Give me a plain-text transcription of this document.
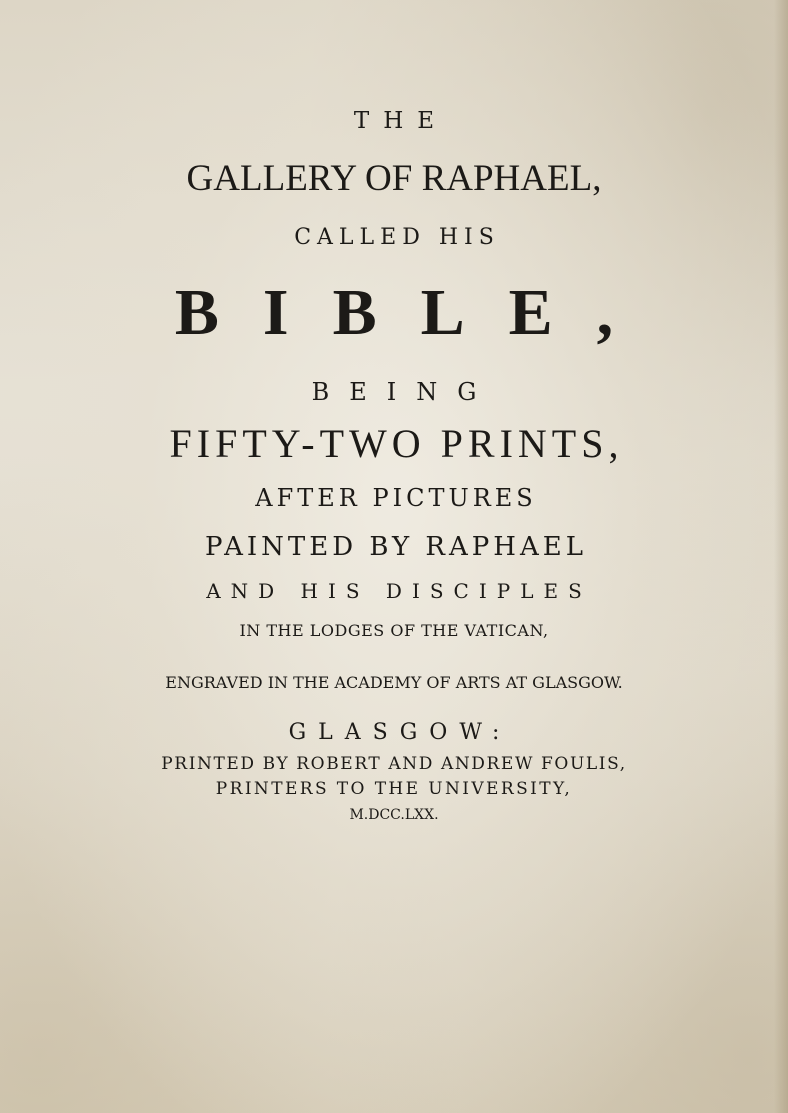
THE
GALLERY OF RAPHAEL,
CALLED HIS
BIBLE,
BEING
FIFTY-TWO PRINTS,
AFTER PICTURES
PAINTED BY RAPHAEL
AND HIS DISCIPLES
IN THE LODGES OF THE VATICAN,
ENGRAVED IN THE ACADEMY OF ARTS AT GLASGOW.
GLASGOW:
PRINTED BY ROBERT AND ANDREW FOULIS,
PRINTERS TO THE UNIVERSITY,
M.DCC.LXX.
